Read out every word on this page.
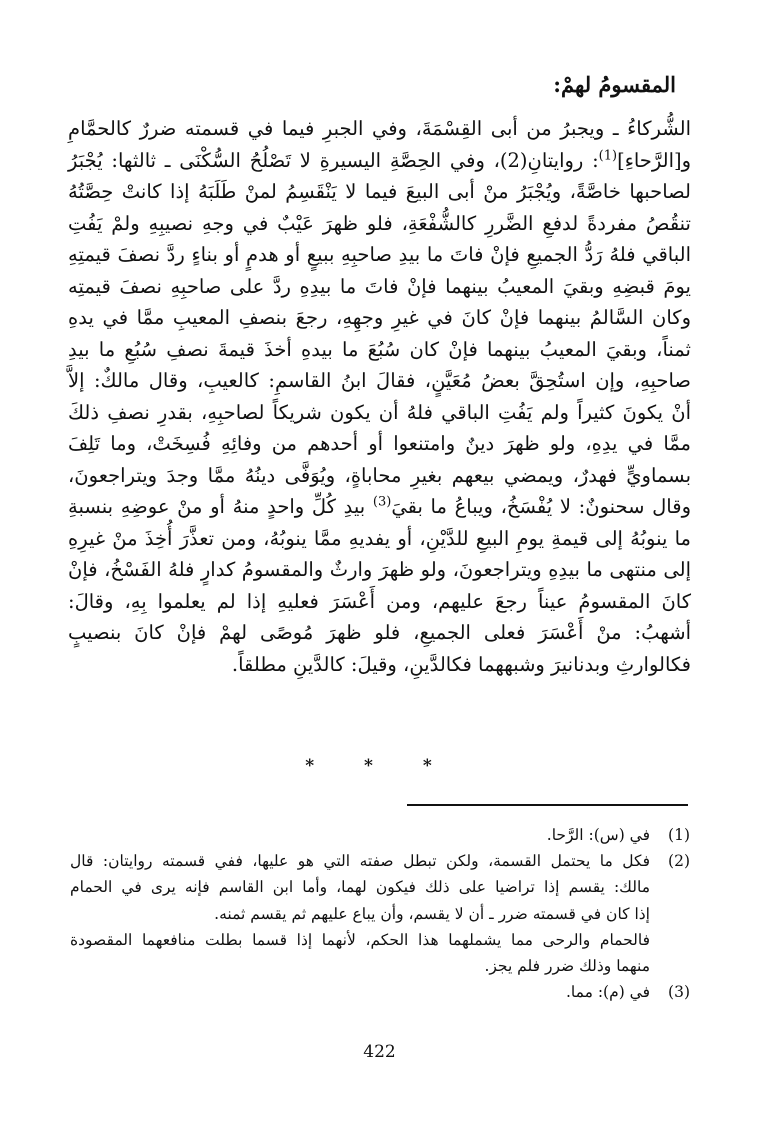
المقسومُ لهمْ:
الشُّركاءُ ـ ويجبرُ من أبى القِسْمَةَ، وفي الجبرِ فيما في قسمته ضررٌ كالحمَّامِ
و[الرَّحاءِ]$^{(1)}$: روايتانِ(2)، وفي الحِصَّةِ اليسيرةِ لا تَصْلُحُ السُّكْنَى ـ ثالثها: يُجْبَرُ
لصاحبها خاصَّةً، ويُجْبَرُ منْ أبى البيعَ فيما لا يَنْقَسِمُ لمنْ طَلَبَهُ إذا كانتْ حِصَّتُهُ
تنقُصُ مفردةً لدفعِ الضَّررِ كالشُّفْعَةِ، فلو ظهرَ عَيْبٌ في وجهِ نصيبِهِ ولمْ يَفُتِ
الباقي فلهُ رَدُّ الجميعِ فإنْ فاتَ ما بيدِ صاحبِهِ ببيعٍ أو هدمٍ أو بناءٍ ردَّ نصفَ قيمتِهِ
يومَ قبضِهِ وبقيَ المعيبُ بينهما فإنْ فاتَ ما بيدِهِ ردَّ على صاحبِهِ نصفَ قيمتِه
وكان السَّالمُ بينهما فإنْ كانَ في غيرِ وجهِهِ، رجعَ بنصفِ المعيبِ ممَّا في يدهِ
ثمناً، وبقيَ المعيبُ بينهما فإنْ كان سُبُعَ ما بيدهِ أخذَ قيمةَ نصفِ سُبُعِ ما بيدِ
صاحبِهِ، وإن استُحِقَّ بعضُ مُعَيَّنٍ، فقالَ ابنُ القاسمِ: كالعيبِ، وقال مالكٌ: إلاَّ
أنْ يكونَ كثيراً ولم يَفُتِ الباقي فلهُ أن يكون شريكاً لصاحبِهِ، بقدرِ نصفِ ذلكَ
ممَّا في يدِهِ، ولو ظهرَ دينٌ وامتنعوا أو أحدهم من وفائِهِ فُسِخَتْ، وما تَلِفَ
بسماويٍّ فهدرٌ، ويمضي بيعهم بغيرِ محاباةٍ، ويُوَفَّى دينُهُ ممَّا وجدَ ويتراجعونَ،
وقال سحنونٌ: لا يُفْسَخُ، ويباعُ ما بقيَ$^{(3)}$ بيدِ كُلِّ واحدٍ منهُ أو منْ عوضِهِ بنسبةِ
ما ينوبُهُ إلى قيمةِ يومِ البيعِ للدَّيْنِ، أو يفديهِ ممَّا ينوبُهُ، ومن تعذَّرَ أُخِذَ منْ غيرِهِ
إلى منتهى ما بيدِهِ ويتراجعونَ، ولو ظهرَ وارثٌ والمقسومُ كدارٍ فلهُ الفَسْخُ، فإنْ
كانَ المقسومُ عيناً رجعَ عليهم، ومن أَعْسَرَ فعليهِ إذا لم يعلموا بِهِ، وقالَ:
أشهبُ: منْ أَعْسَرَ فعلى الجميعِ، فلو ظهرَ مُوصًى لهمْ فإنْ كانَ بنصيبٍ
فكالوارثِ وبدنانيرَ وشبههما فكالدَّينِ، وقيلَ: كالدَّينِ مطلقاً.
* * *
(1)
في (س): الرَّحا.
(2)
فكل ما يحتمل القسمة، ولكن تبطل صفته التي هو عليها، ففي قسمته روايتان: قال
مالك: يقسم إذا تراضيا على ذلك فيكون لهما، وأما ابن القاسم فإنه يرى في الحمام
إذا كان في قسمته ضرر ـ أن لا يقسم، وأن يباع عليهم ثم يقسم ثمنه.
فالحمام والرحى مما يشملهما هذا الحكم، لأنهما إذا قسما بطلت منافعهما المقصودة
منهما وذلك ضرر فلم يجز.
(3)
في (م): مما.
422
